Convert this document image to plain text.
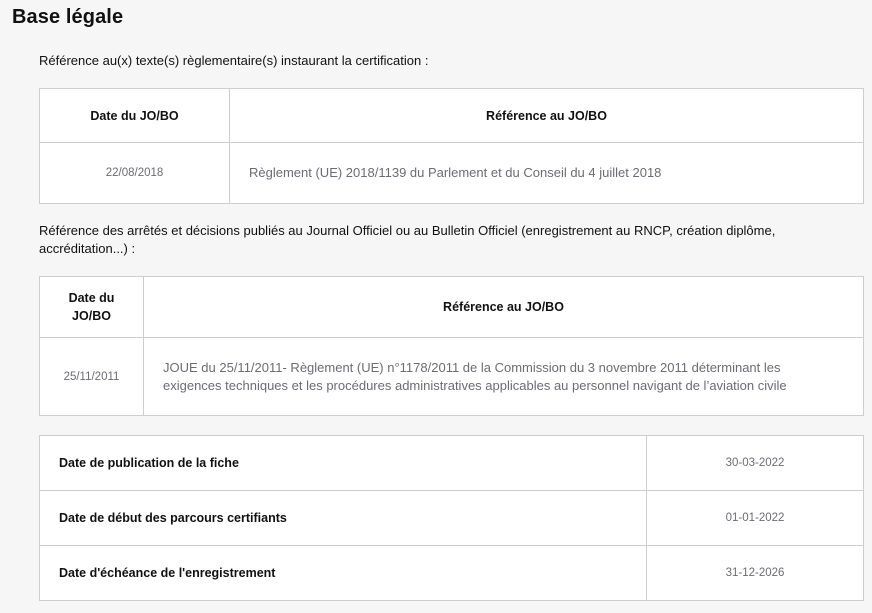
Base légale
Référence au(x) texte(s) règlementaire(s) instaurant la certification :
Date du JO/BO	Référence au JO/BO
22/08/2018	Règlement (UE) 2018/1139 du Parlement et du Conseil du 4 juillet 2018
Référence des arrêtés et décisions publiés au Journal Officiel ou au Bulletin Officiel (enregistrement au RNCP, création diplôme, accréditation...) :
Date du JO/BO	Référence au JO/BO
25/11/2011	JOUE du 25/11/2011- Règlement (UE) n°1178/2011 de la Commission du 3 novembre 2011 déterminant les exigences techniques et les procédures administratives applicables au personnel navigant de l’aviation civile
Date de publication de la fiche	30-03-2022
Date de début des parcours certifiants	01-01-2022
Date d'échéance de l'enregistrement	31-12-2026
